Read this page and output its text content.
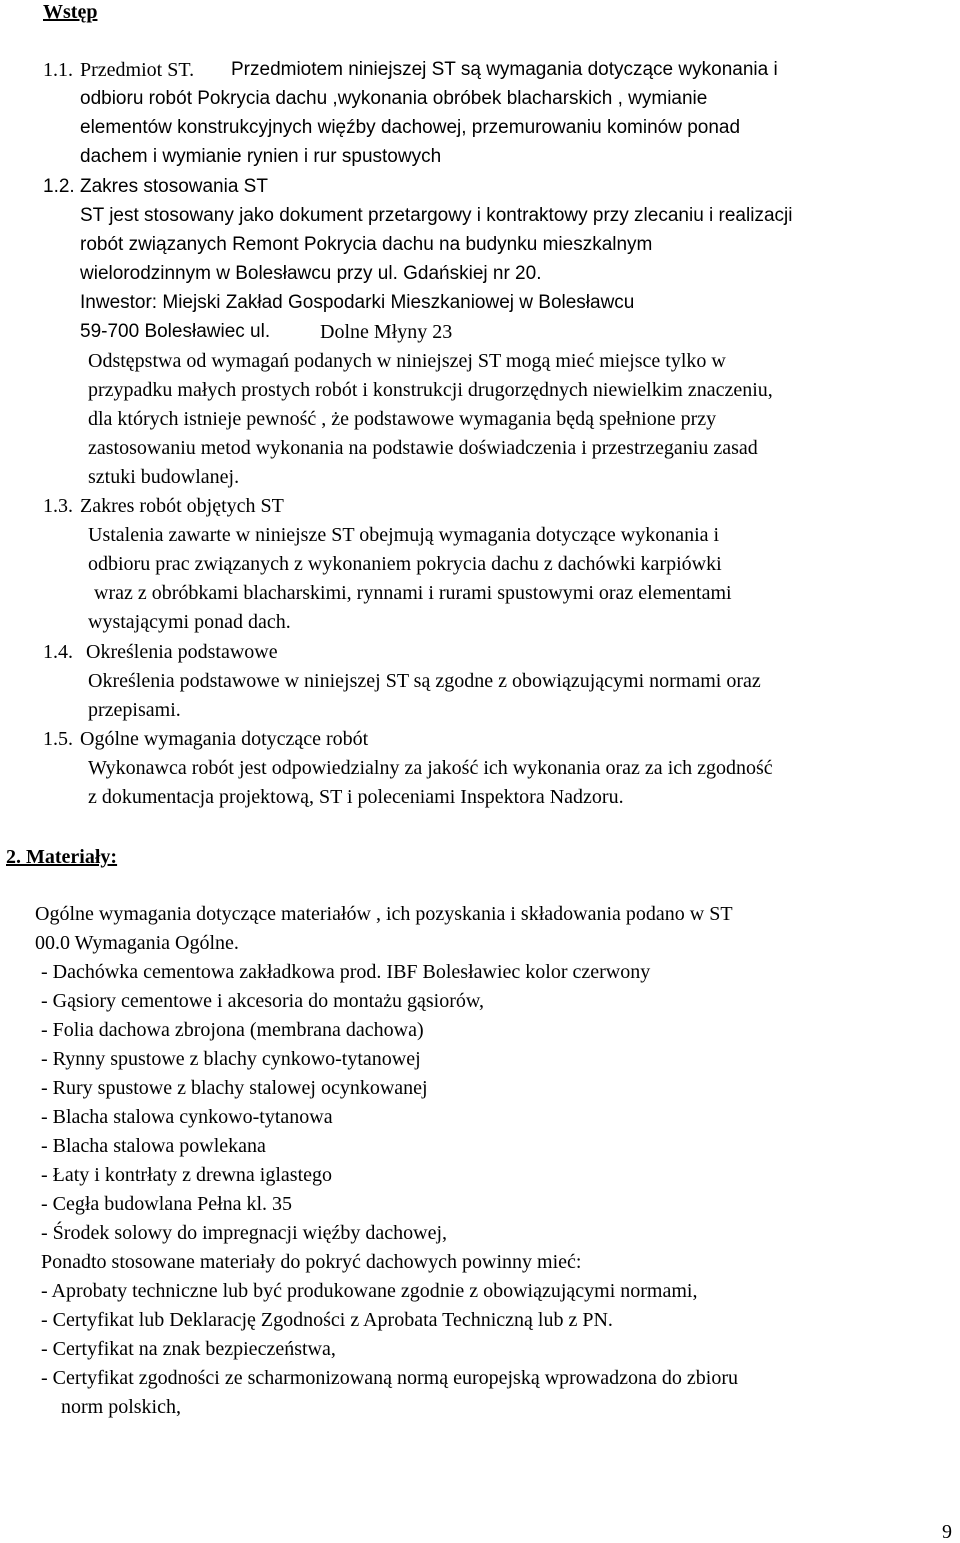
Wstęp
1.1. Przedmiot ST. Przedmiotem niniejszej ST są wymagania dotyczące wykonania i
odbioru robót Pokrycia dachu ,wykonania obróbek blacharskich , wymianie
elementów konstrukcyjnych więźby dachowej, przemurowaniu kominów ponad
dachem i wymianie rynien i rur spustowych
1.2. Zakres stosowania ST
ST jest stosowany jako dokument przetargowy i kontraktowy przy zlecaniu i realizacji
robót związanych Remont Pokrycia dachu na budynku mieszkalnym
wielorodzinnym w Bolesławcu przy ul. Gdańskiej nr 20.
Inwestor: Miejski Zakład Gospodarki Mieszkaniowej w Bolesławcu
59-700 Bolesławiec ul. Dolne Młyny 23
Odstępstwa od wymagań podanych w niniejszej ST mogą mieć miejsce tylko w
przypadku małych prostych robót i konstrukcji drugorzędnych niewielkim znaczeniu,
dla których istnieje pewność , że podstawowe wymagania będą spełnione przy
zastosowaniu metod wykonania na podstawie doświadczenia i przestrzeganiu zasad
sztuki budowlanej.
1.3. Zakres robót objętych ST
Ustalenia zawarte w niniejsze ST obejmują wymagania dotyczące wykonania i
odbioru prac związanych z wykonaniem pokrycia dachu z dachówki karpiówki
wraz z obróbkami blacharskimi, rynnami i rurami spustowymi oraz elementami
wystającymi ponad dach.
1.4. Określenia podstawowe
Określenia podstawowe w niniejszej ST są zgodne z obowiązującymi normami oraz
przepisami.
1.5. Ogólne wymagania dotyczące robót
Wykonawca robót jest odpowiedzialny za jakość ich wykonania oraz za ich zgodność
z dokumentacja projektową, ST i poleceniami Inspektora Nadzoru.
2. Materiały:
Ogólne wymagania dotyczące materiałów , ich pozyskania i składowania podano w ST
00.0 Wymagania Ogólne.
- Dachówka cementowa zakładkowa prod. IBF Bolesławiec kolor czerwony
- Gąsiory cementowe i akcesoria do montażu gąsiorów,
- Folia dachowa zbrojona (membrana dachowa)
- Rynny spustowe z blachy cynkowo-tytanowej
- Rury spustowe z blachy stalowej ocynkowanej
- Blacha stalowa cynkowo-tytanowa
- Blacha stalowa powlekana
- Łaty i kontrłaty z drewna iglastego
- Cegła budowlana Pełna kl. 35
- Środek solowy do impregnacji więźby dachowej,
Ponadto stosowane materiały do pokryć dachowych powinny mieć:
- Aprobaty techniczne lub być produkowane zgodnie z obowiązującymi normami,
- Certyfikat lub Deklarację Zgodności z Aprobata Techniczną lub z PN.
- Certyfikat na znak bezpieczeństwa,
- Certyfikat zgodności ze scharmonizowaną normą europejską wprowadzona do zbioru
norm polskich,
9
